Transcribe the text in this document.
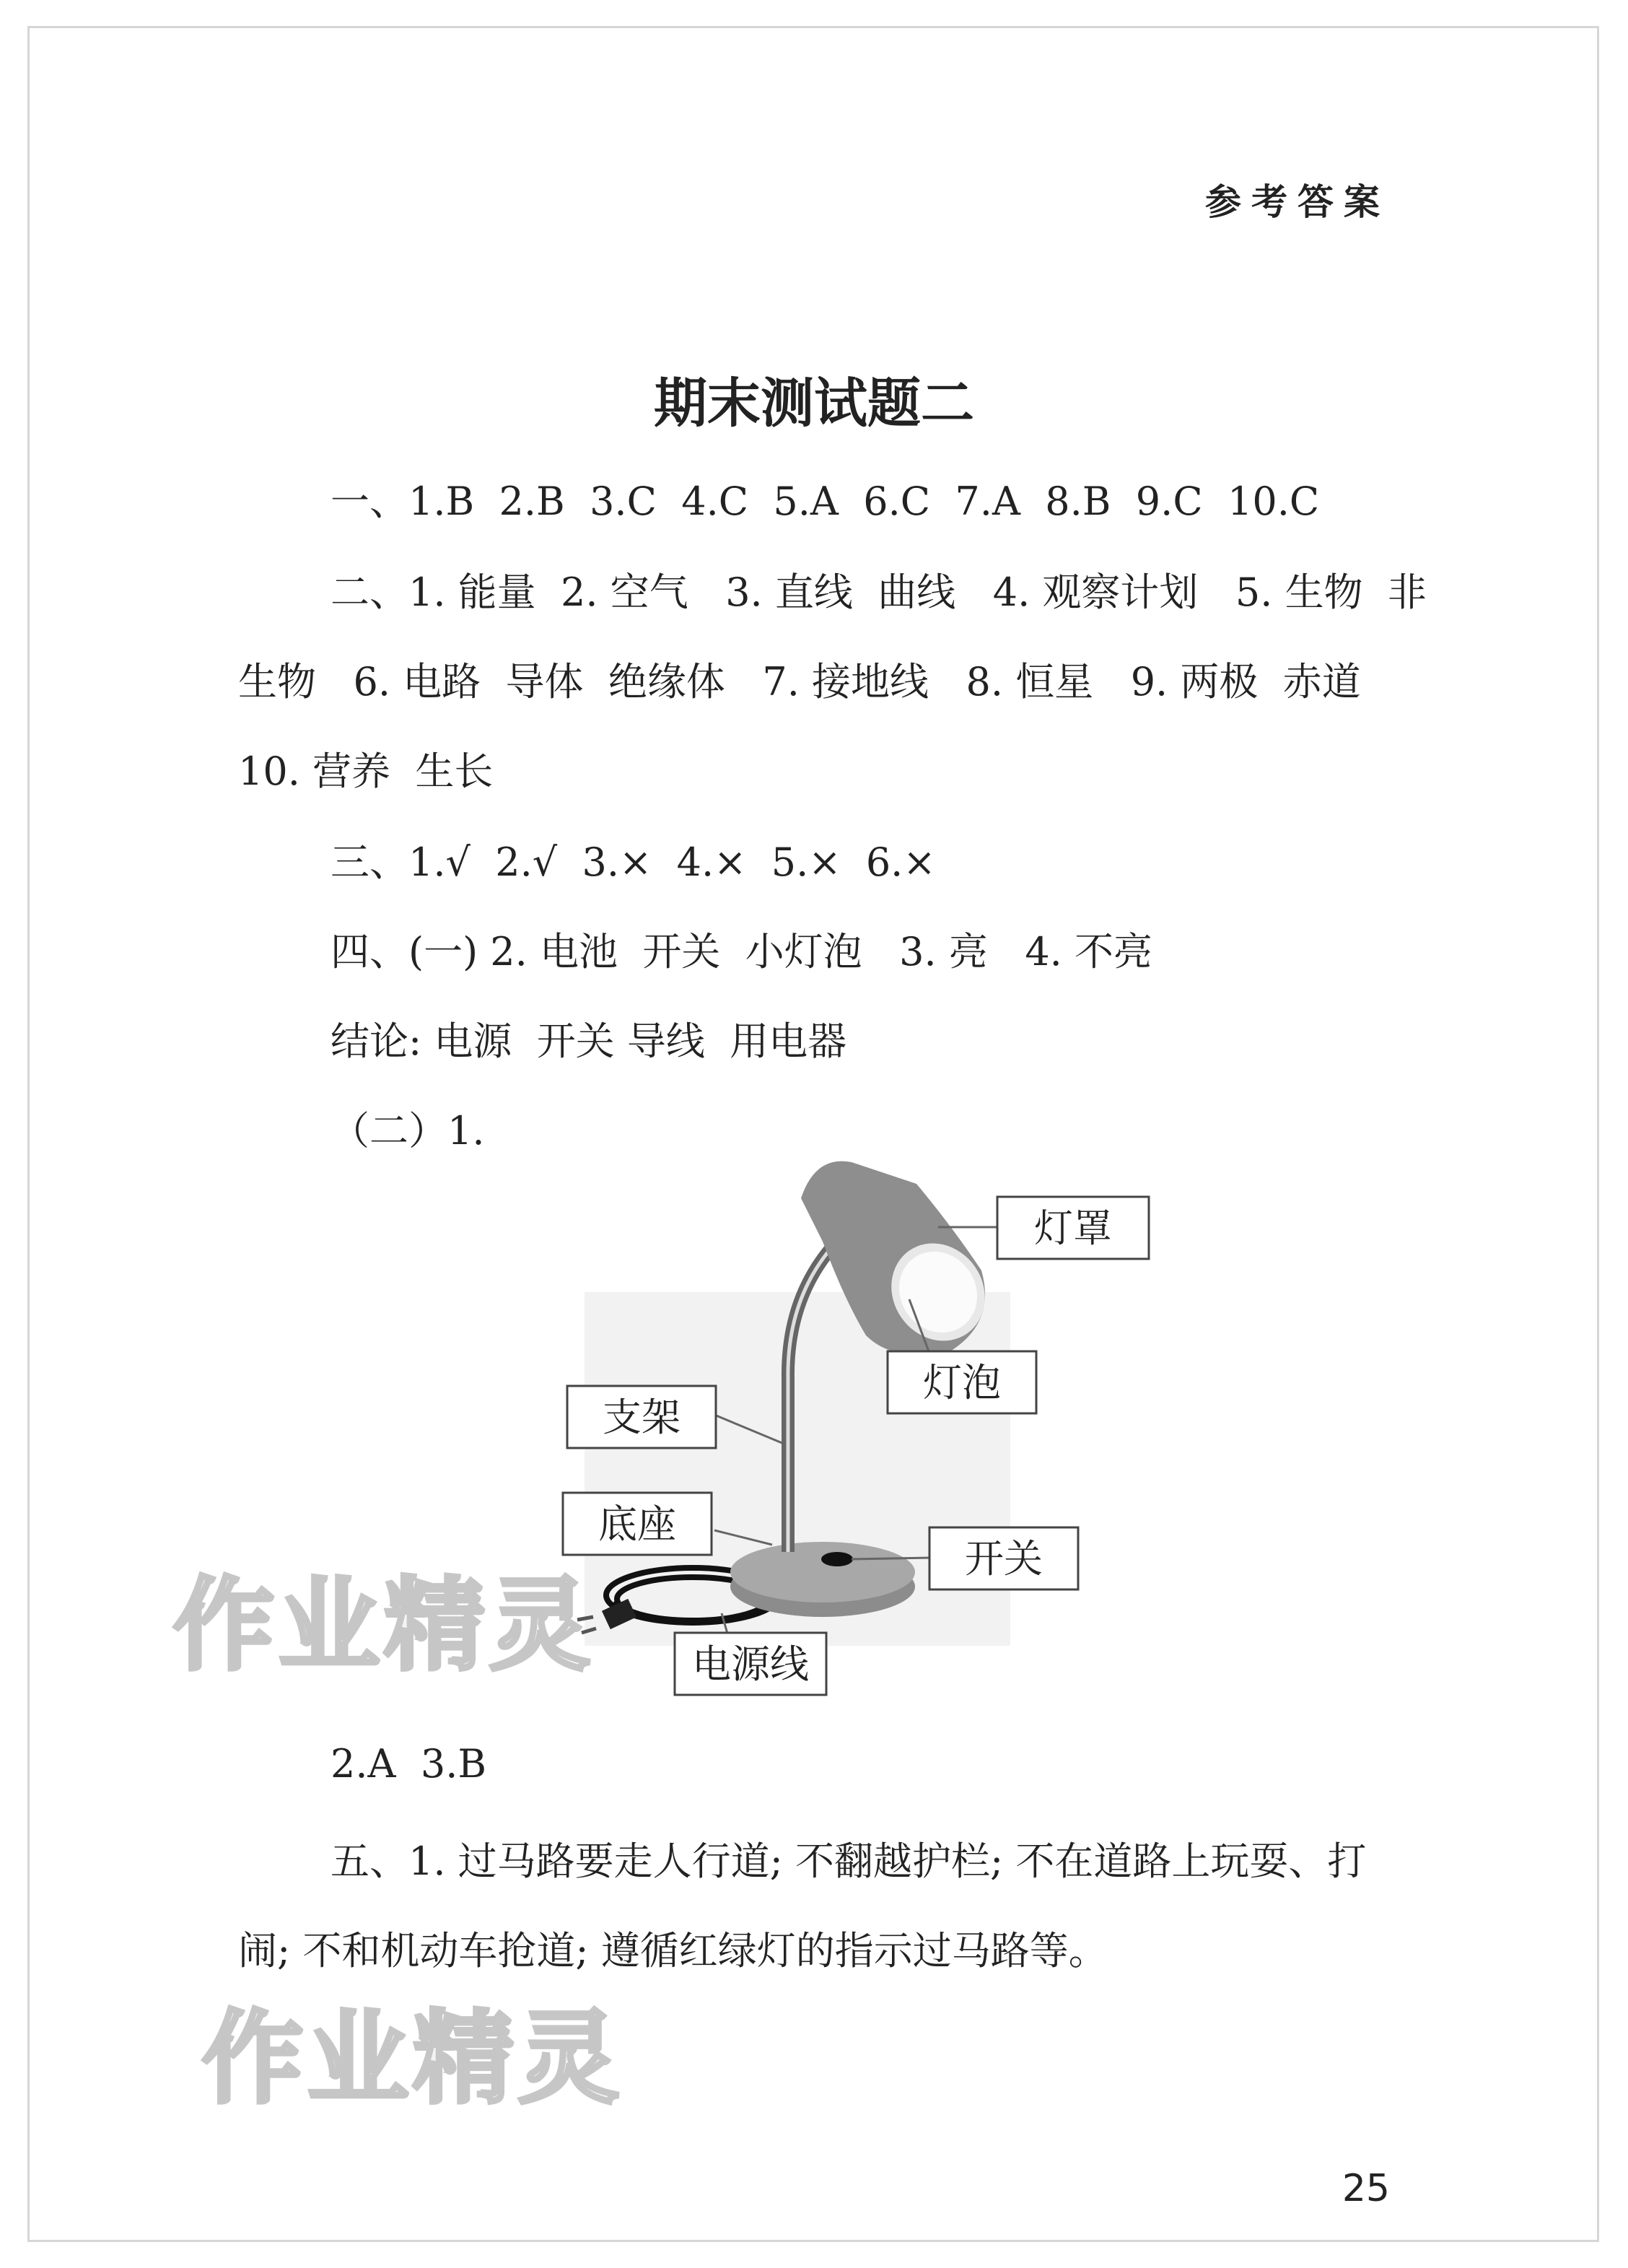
参考答案
期末测试题二
一、1.B  2.B  3.C  4.C  5.A  6.C  7.A  8.B  9.C  10.C
二、1. 能量  2. 空气   3. 直线  曲线   4. 观察计划   5. 生物  非
生物   6. 电路  导体  绝缘体   7. 接地线   8. 恒星   9. 两极  赤道
10. 营养  生长
三、1.√  2.√  3.×  4.×  5.×  6.×
四、(一) 2. 电池  开关  小灯泡   3. 亮   4. 不亮
结论: 电源  开关 导线  用电器
（二）1.
灯罩
灯泡
支架
底座
开关
电源线
2.A  3.B
五、1. 过马路要走人行道; 不翻越护栏; 不在道路上玩耍、打
闹; 不和机动车抢道; 遵循红绿灯的指示过马路等。
作业精灵
作业精灵
25
